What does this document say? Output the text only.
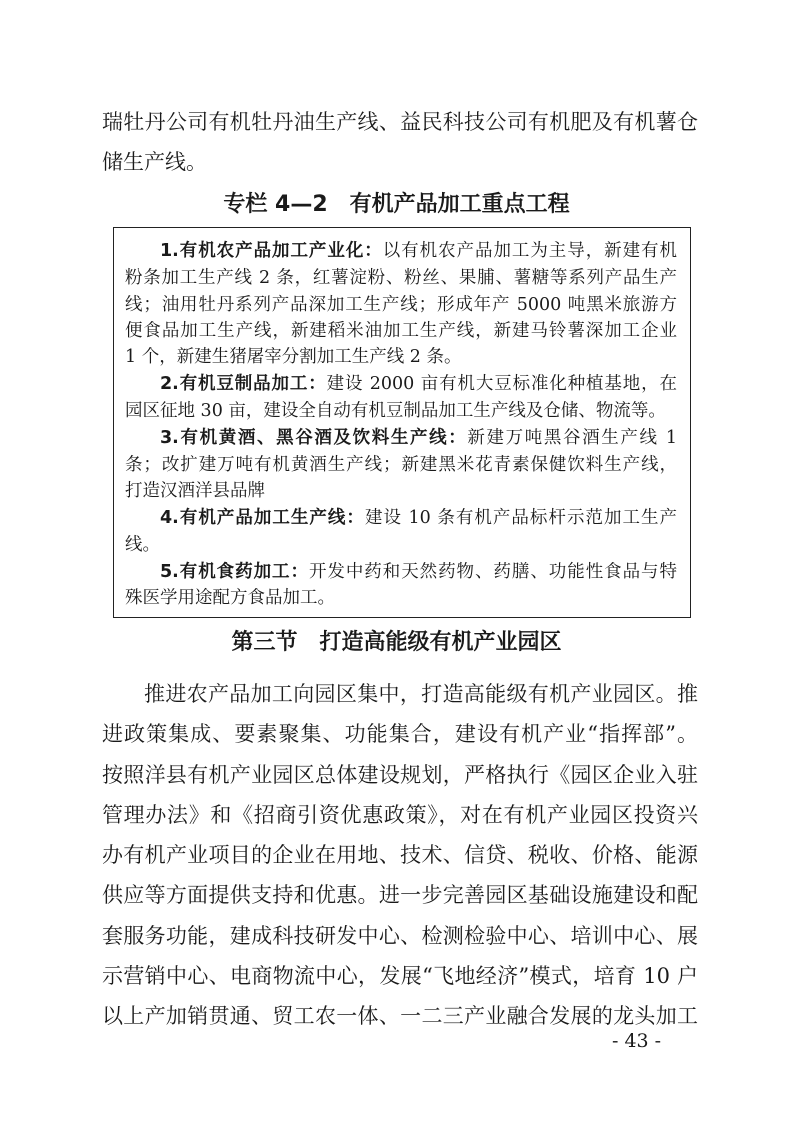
瑞牡丹公司有机牡丹油生产线、益民科技公司有机肥及有机薯仓
储生产线。
专栏 4—2　有机产品加工重点工程
1.有机农产品加工产业化：以有机农产品加工为主导，新建有机
粉条加工生产线 2 条，红薯淀粉、粉丝、果脯、薯糖等系列产品生产
线；油用牡丹系列产品深加工生产线；形成年产 5000 吨黑米旅游方
便食品加工生产线，新建稻米油加工生产线，新建马铃薯深加工企业
1 个，新建生猪屠宰分割加工生产线 2 条。
2.有机豆制品加工：建设 2000 亩有机大豆标准化种植基地，在
园区征地 30 亩，建设全自动有机豆制品加工生产线及仓储、物流等。
3.有机黄酒、黑谷酒及饮料生产线：新建万吨黑谷酒生产线 1
条；改扩建万吨有机黄酒生产线；新建黑米花青素保健饮料生产线，
打造汉酒洋县品牌
4.有机产品加工生产线：建设 10 条有机产品标杆示范加工生产
线。
5.有机食药加工：开发中药和天然药物、药膳、功能性食品与特
殊医学用途配方食品加工。
第三节　打造高能级有机产业园区
推进农产品加工向园区集中，打造高能级有机产业园区。推
进政策集成、要素聚集、功能集合，建设有机产业“指挥部”。
按照洋县有机产业园区总体建设规划，严格执行《园区企业入驻
管理办法》和《招商引资优惠政策》，对在有机产业园区投资兴
办有机产业项目的企业在用地、技术、信贷、税收、价格、能源
供应等方面提供支持和优惠。进一步完善园区基础设施建设和配
套服务功能，建成科技研发中心、检测检验中心、培训中心、展
示营销中心、电商物流中心，发展“飞地经济”模式，培育 10 户
以上产加销贯通、贸工农一体、一二三产业融合发展的龙头加工
- 43 -
